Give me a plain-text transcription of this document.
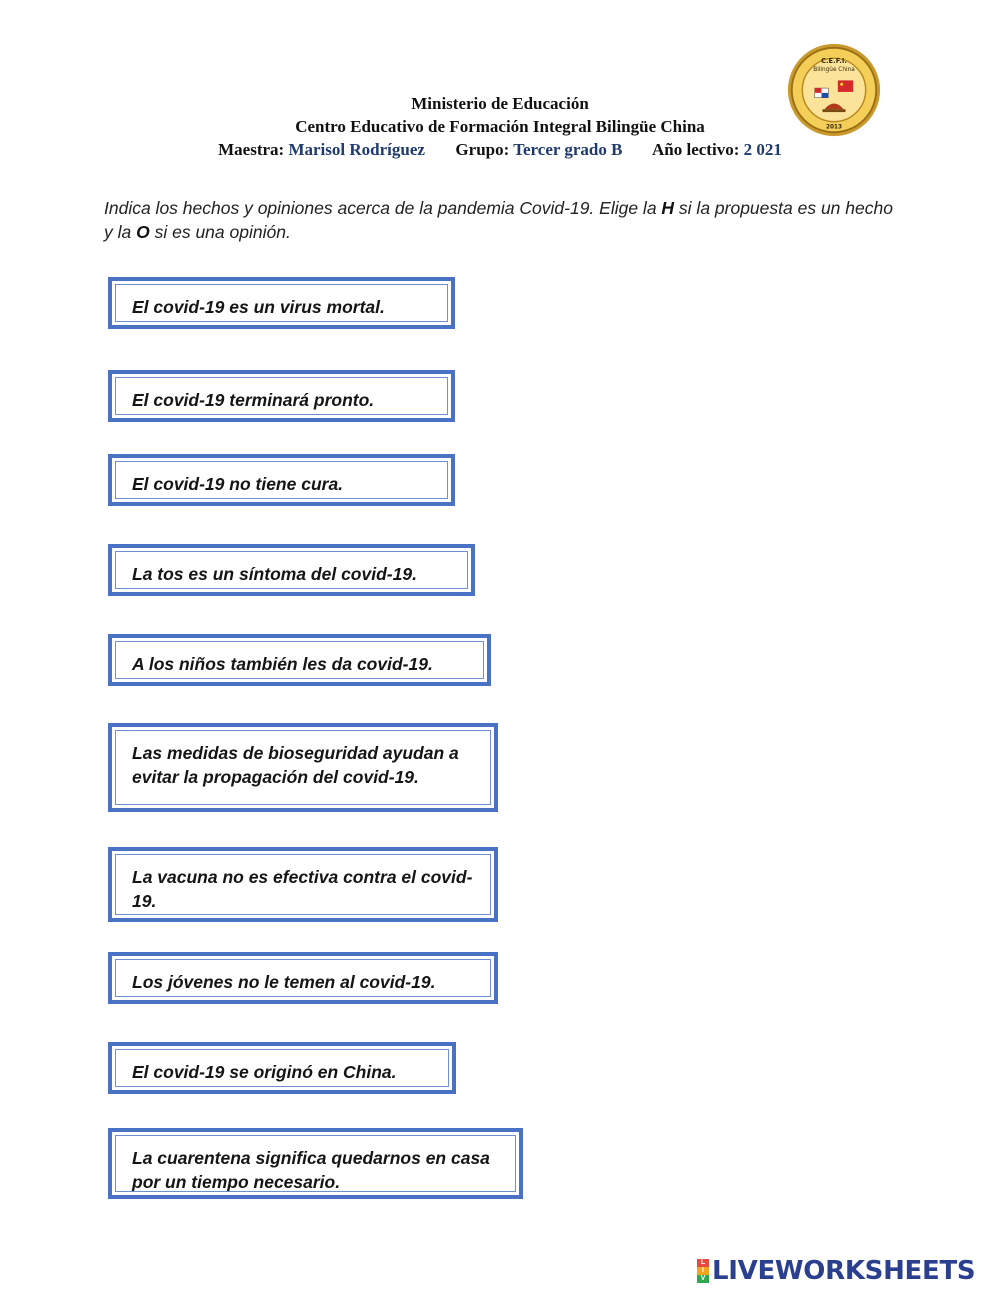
C.E.F.I.
Bilingüe China
2013
Ministerio de Educación
Centro Educativo de Formación Integral Bilingüe China
Maestra: Marisol Rodríguez Grupo: Tercer grado B Año lectivo: 2 021
Indica los hechos y opiniones acerca de la pandemia Covid-19. Elige la H si la propuesta es un hecho y la O si es una opinión.
El covid-19 es un virus mortal.
El covid-19 terminará pronto.
El covid-19 no tiene cura.
La tos es un síntoma del covid-19.
A los niños también les da covid-19.
Las medidas de bioseguridad ayudan a evitar la propagación del covid-19.
La vacuna no es efectiva contra el covid-19.
Los jóvenes no le temen al covid-19.
El covid-19 se originó en China.
La cuarentena significa quedarnos en casa por un tiempo necesario.
L
I
V LIVEWORKSHEETS
